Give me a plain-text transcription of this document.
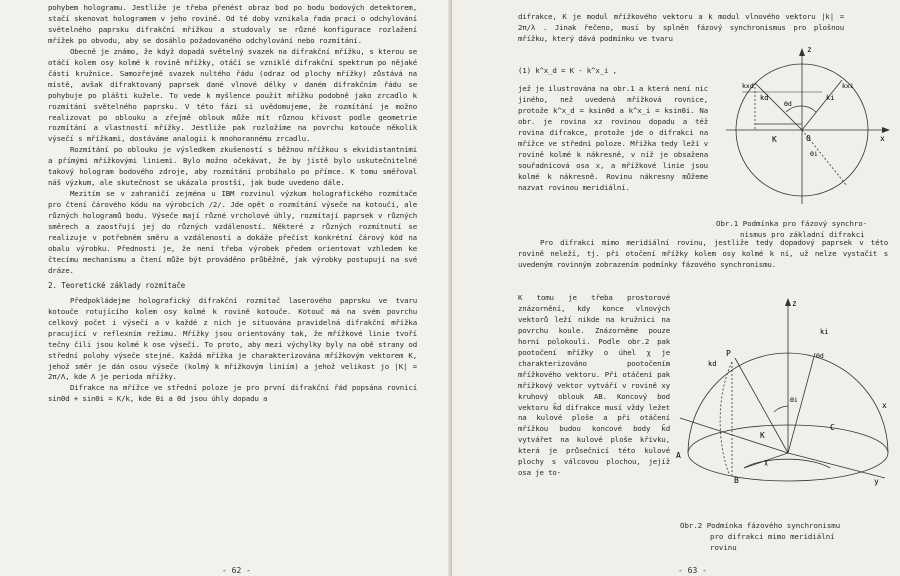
pohybem hologramu. Jestliže je třeba přenést obraz bod po bodu bodových detektorem, stačí skenovat hologramem v jeho rovině. Od té doby vznikala řada prací o odchylování světelného paprsku difrakční mřížkou a studovaly se různé konfigurace rozlažení mřížek po obvodu, aby se dosáhlo požadovaného odchylování nebo rozmítání.

Obecně je známo, že když dopadá světelný svazek na difrakční mřížku, s kterou se otáčí kolem osy kolmé k rovině mřížky, otáčí se vzniklé difrakční spektrum po nějaké části kružnice. Samozřejmě svazek nultého řádu (odraz od plochy mřížky) zůstává na místě, avšak difraktovaný paprsek dané vlnové délky v daném difrakčním řádu se pohybuje po plášti kužele. To vede k myšlence použít mřížku podobně jako zrcadlo k rozmítání světelného paprsku. V této fázi si uvědomujeme, že rozmítání je možno realizovat po oblouku a zřejmě oblouk může mít různou křivost podle geometrie rozmítání a vlastností mřížky. Jestliže pak rozložíme na povrchu kotouče několik výsečí s mřížkami, dostáváme analogii k mnohorannému zrcadlu.

Rozmítání po oblouku je výsledkem zkušeností s běžnou mřížkou s ekvidistantními a přímými mřížkovými liniemi. Bylo možno očekávat, že by jistě bylo uskutečnitelné takový hologram bodového zdroje, aby rozmítání probíhalo po přímce. K tomu směřoval náš výzkum, ale skutečnost se ukázala prostší, jak bude uvedeno dále.

Mezitím se v zahraničí zejména u IBM rozvinul výzkum holografického rozmítače pro čtení čárového kódu na výrobcích /2/. Jde opět o rozmítání výseče na kotouči, ale různých hologramů bodu. Výseče mají různé vrcholové úhly, rozmítají paprsek v různých směrech a zaostřují jej do různých vzdáleností. Některé z různých rozmítnutí se realizuje v potřebném směru a vzdálenosti a dokáže přečíst konkrétní čárový kód na obalu výrobku. Přednosti je, že není třeba výrobek předem orientovat vzhledem ke čtecímu mechanismu a čtení může být prováděno průběžně, jak výrobky postupují na své dráze.

2. Teoretické základy rozmítače

Předpokládejme holografický difrakční rozmítač laserového paprsku ve tvaru kotouče rotujícího kolem osy kolmé k rovině kotouče. Kotouč má na svém povrchu celkový počet i výsečí a v každé z nich je situována pravidelná difrakční mřížka pracující v reflexním režimu. Mřížky jsou orientovány tak, že mřížkové linie tvoří tečny čili jsou kolmé k ose výsečí. To proto, aby mezi výchylky byly na obě strany od střední polohy výseče stejné. Každá mřížka je charakterizována mřížkovým vektorem K, jehož směr je dán osou výseče (kolmý k mřížkovým liniím) a jehož velikost jo |K| = 2π/Λ, kde Λ je perioda mřížky.

Difrakce na mřížce ve střední poloze je pro první difrakční řád popsána rovnicí sinΘd + sinΘi = K/k, kde Θi a Θd jsou úhly dopadu a

- 62 -

difrakce, K je modul mřížkového vektoru a k modul vlnového vektoru |k| = 2π/λ . Jinak řečeno, musí by splněn fázový synchronismus pro plošnou mřížku, který dává podmínku ve tvaru

(1) k^x_d = K - k^x_i ,

jež je ilustrována na obr.1 a která není nic jiného, než uvedená mřížková rovnice, protože k^x_d = ksinΘd a k^x_i = ksinΘi. Na obr. je rovina xz rovinou dopadu a též rovina difrakce, protože jde o difrakci na mřížce ve střední poloze. Mřížka tedy leží v rovině kolmé k nákresně, v níž je obsažena souřadnicová osa x, a mřížkové linie jsou kolmé k nákresně. Rovinu nákresny můžeme nazvat rovinou meridiální.

Pro difrakci mimo meridiální rovinu, jestliže tedy dopadový paprsek v této rovině neleží, tj. při otočení mřížky kolem osy kolmé k ní, už nelze vystačit s uvedeným rovinným zobrazením podmínky fázového synchronismu.

K tomu je třeba prostorové znázornění, kdy konce vlnových vektorů leží nikde na kružnici na povrchu koule. Znázorněme pouze horní polokouli. Podle obr.2 pak pootočení mřížky o úhel χ je charakterizováno pootočením mřížkového vektoru. Při otáčení pak mřížkový vektor vytváří v rovině xy kruhový oblouk AB. Koncový bod vektoru k̄d difrakce musí vždy ležet na kulové ploše a při otáčení mřížkou budou koncové body k̄d vytvářet na kulové ploše křivku, která je průsečnicí této kulové plochy s válcovou plochou, jejíž osa je to-

z
x
0
kd	ki
kxd	kxi
K
Θd
Θi
Obr.1 Podmínka pro fázový synchro-
nismus pro základní difrakci
z
x
y
P
kd
ki
K
Θi
Θd
A
B
C
χ
Obr.2 Podmínka fázového synchronismu
pro difrakci mimo meridiální
rovinu
- 63 -
